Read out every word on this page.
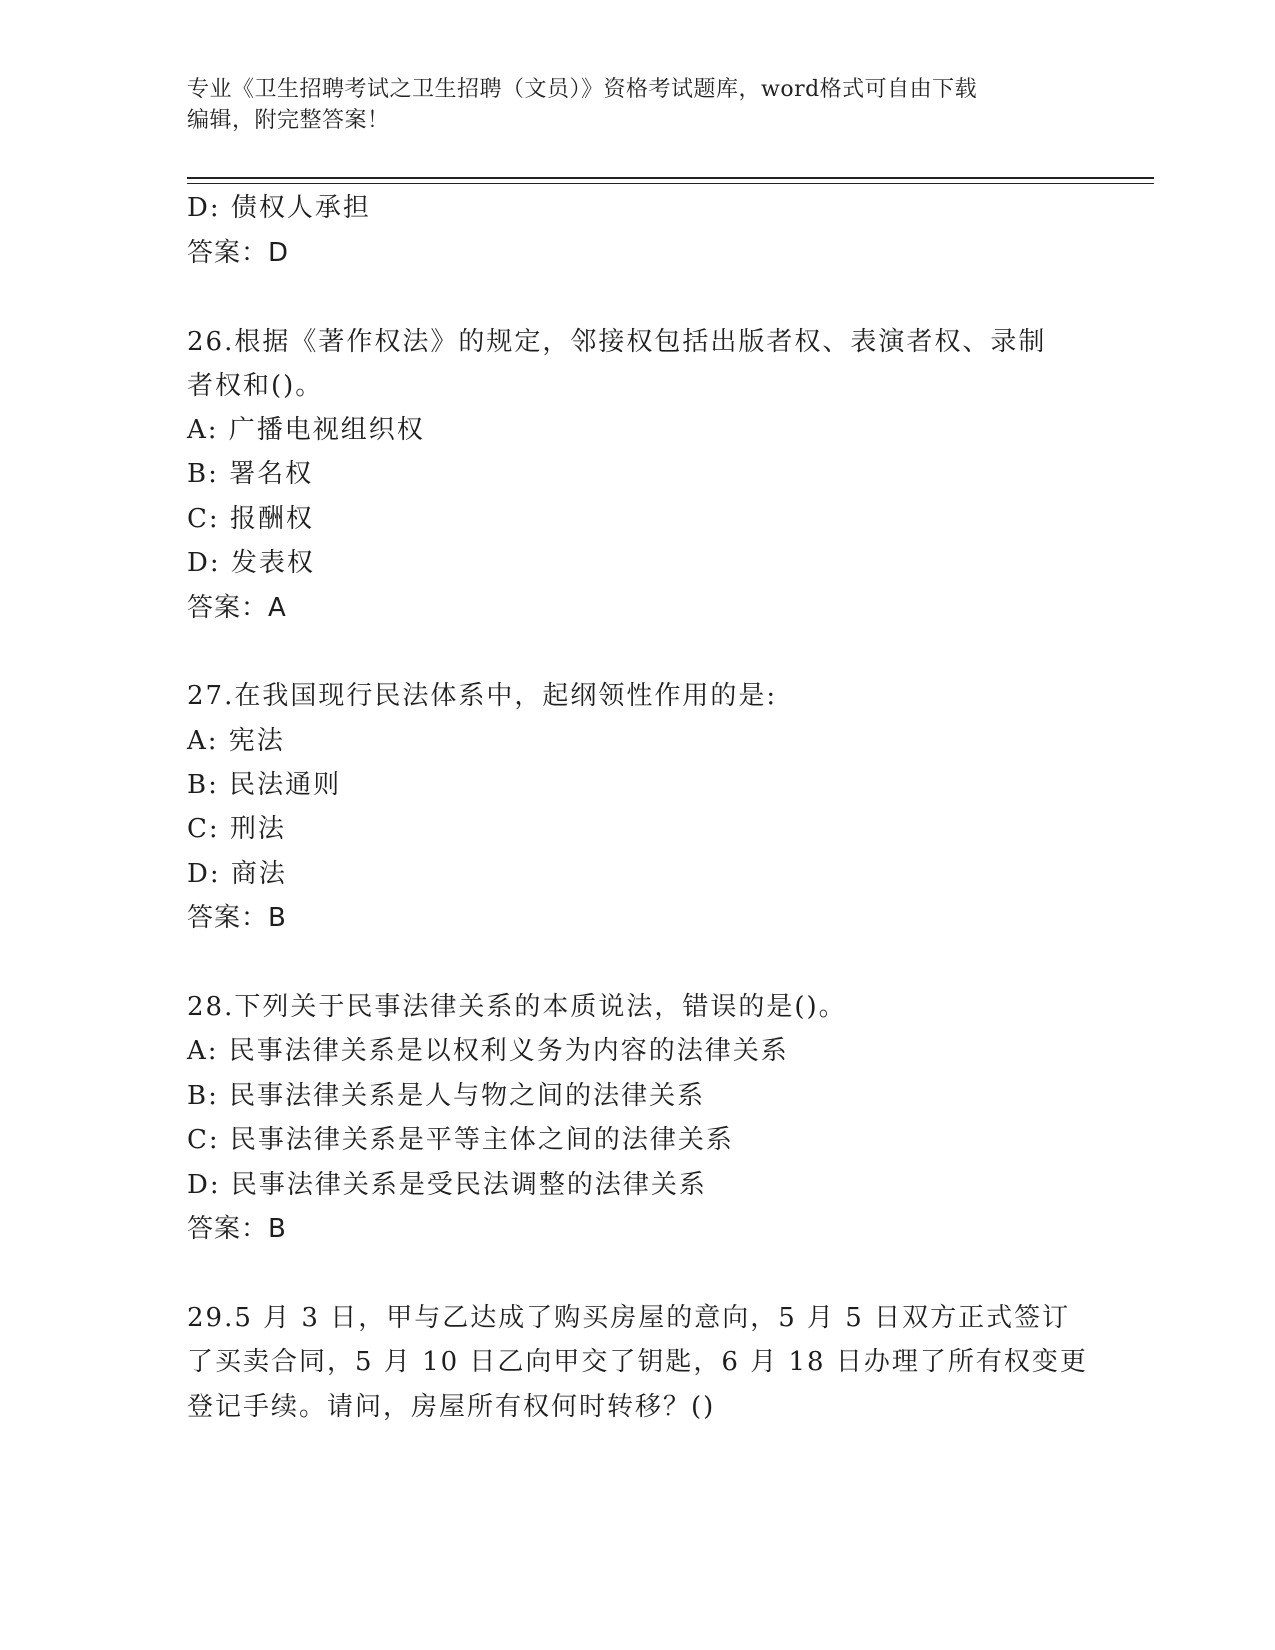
专业《卫生招聘考试之卫生招聘（文员）》资格考试题库，word格式可自由下载
编辑，附完整答案！
D: 债权人承担
答案：D
26.根据《著作权法》的规定，邻接权包括出版者权、表演者权、录制
者权和()。
A: 广播电视组织权
B: 署名权
C: 报酬权
D: 发表权
答案：A
27.在我国现行民法体系中，起纲领性作用的是:
A: 宪法
B: 民法通则
C: 刑法
D: 商法
答案：B
28.下列关于民事法律关系的本质说法，错误的是()。
A: 民事法律关系是以权利义务为内容的法律关系
B: 民事法律关系是人与物之间的法律关系
C: 民事法律关系是平等主体之间的法律关系
D: 民事法律关系是受民法调整的法律关系
答案：B
29.5 月 3 日，甲与乙达成了购买房屋的意向，5 月 5 日双方正式签订
了买卖合同，5 月 10 日乙向甲交了钥匙，6 月 18 日办理了所有权变更
登记手续。请问，房屋所有权何时转移？()
